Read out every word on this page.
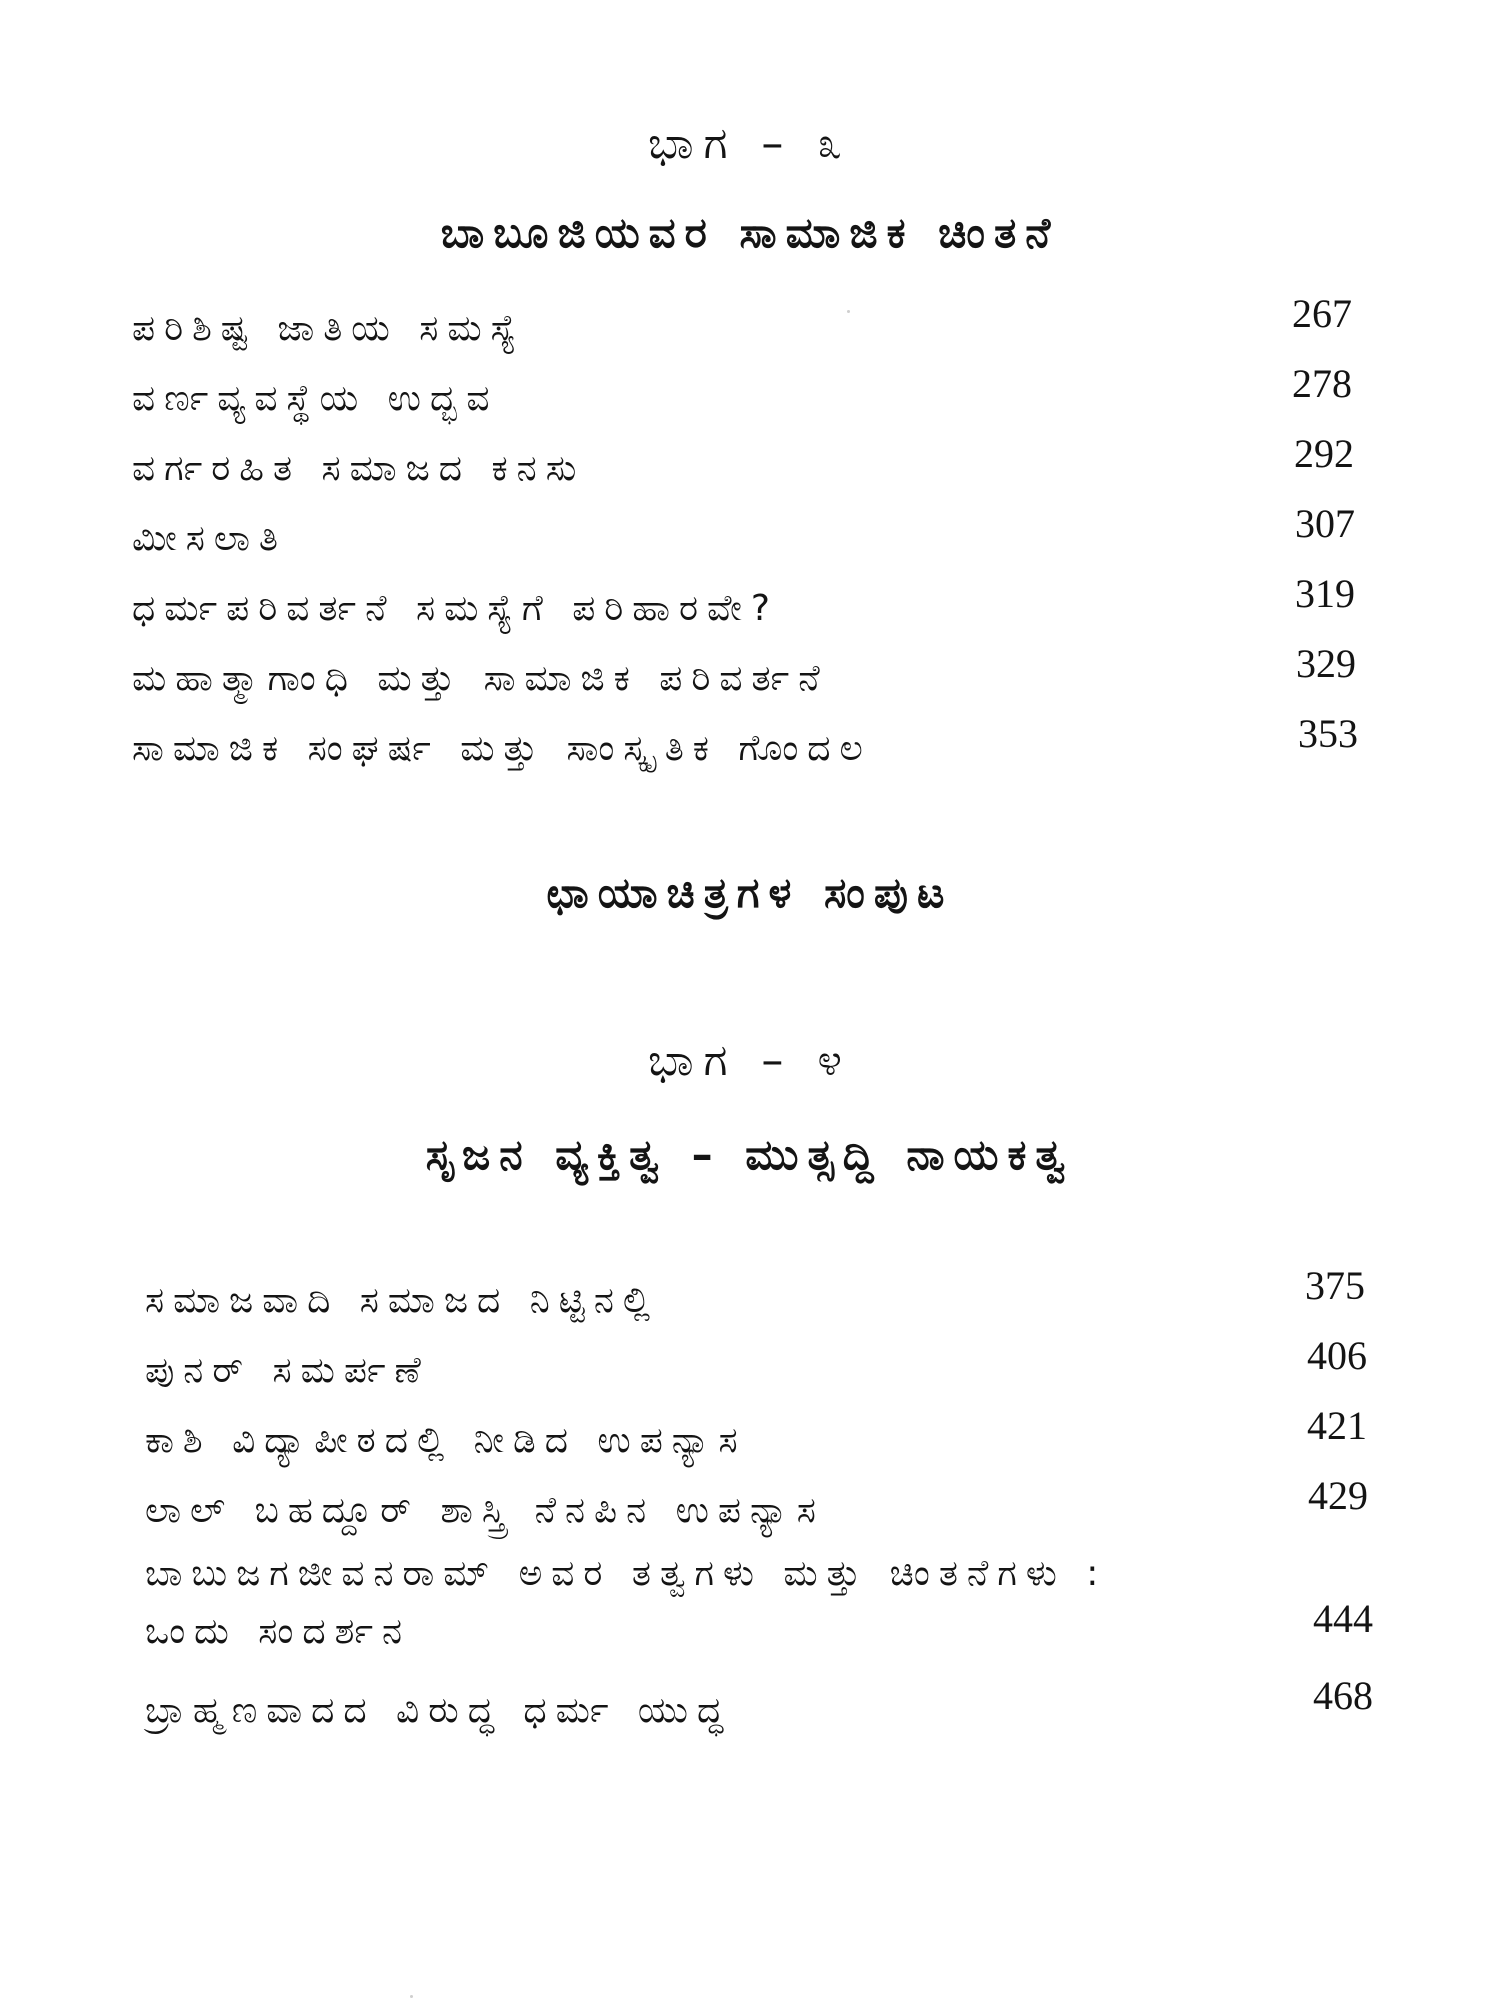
ಭಾಗ – ೩
ಬಾಬೂಜಿಯವರ ಸಾಮಾಜಿಕ ಚಿಂತನೆ
ಪರಿಶಿಷ್ಟ ಜಾತಿಯ ಸಮಸ್ಯೆ	267
ವರ್ಣವ್ಯವಸ್ಥೆಯ ಉದ್ಭವ	278
ವರ್ಗರಹಿತ ಸಮಾಜದ ಕನಸು	292
ಮೀಸಲಾತಿ	307
ಧರ್ಮಪರಿವರ್ತನೆ ಸಮಸ್ಯೆಗೆ ಪರಿಹಾರವೇ?	319
ಮಹಾತ್ಮಾಗಾಂಧಿ ಮತ್ತು ಸಾಮಾಜಿಕ ಪರಿವರ್ತನೆ	329
ಸಾಮಾಜಿಕ ಸಂಘರ್ಷ ಮತ್ತು ಸಾಂಸ್ಕೃತಿಕ ಗೊಂದಲ	353
ಛಾಯಾಚಿತ್ರಗಳ ಸಂಪುಟ
ಭಾಗ – ೪
ಸೃಜನ ವ್ಯಕ್ತಿತ್ವ – ಮುತ್ಸದ್ದಿ ನಾಯಕತ್ವ
ಸಮಾಜವಾದಿ ಸಮಾಜದ ನಿಟ್ಟಿನಲ್ಲಿ	375
ಪುನರ್ ಸಮರ್ಪಣೆ	406
ಕಾಶಿ ವಿದ್ಯಾಪೀಠದಲ್ಲಿ ನೀಡಿದ ಉಪನ್ಯಾಸ	421
ಲಾಲ್ ಬಹದ್ದೂರ್ ಶಾಸ್ತ್ರಿ ನೆನಪಿನ ಉಪನ್ಯಾಸ	429
ಬಾಬುಜಗಜೀವನರಾಮ್ ಅವರ ತತ್ವಗಳು ಮತ್ತು ಚಿಂತನೆಗಳು :
ಒಂದು ಸಂದರ್ಶನ	444
ಬ್ರಾಹ್ಮಣವಾದದ ವಿರುದ್ಧ ಧರ್ಮ ಯುದ್ಧ	468
